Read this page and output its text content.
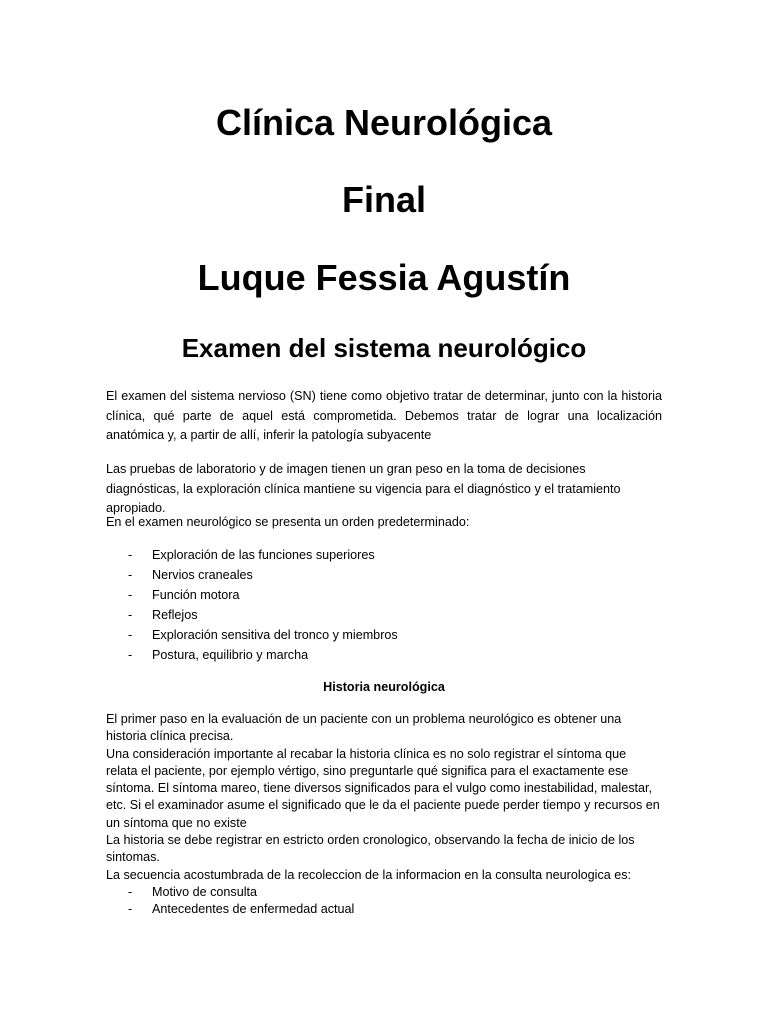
Clínica Neurológica
Final
Luque Fessia Agustín
Examen del sistema neurológico

El examen del sistema nervioso (SN) tiene como objetivo tratar de determinar, junto con la historia clínica, qué parte de aquel está comprometida. Debemos tratar de lograr una localización anatómica y, a partir de allí, inferir la patología subyacente

Las pruebas de laboratorio y de imagen tienen un gran peso en la toma de decisiones diagnósticas, la exploración clínica mantiene su vigencia para el diagnóstico y el tratamiento apropiado.

En el examen neurológico se presenta un orden predeterminado:

- Exploración de las funciones superiores
- Nervios craneales
- Función motora
- Reflejos
- Exploración sensitiva del tronco y miembros
- Postura, equilibrio y marcha
Historia neurológica
El primer paso en la evaluación de un paciente con un problema neurológico es obtener una
historia clínica precisa.
Una consideración importante al recabar la historia clínica es no solo registrar el síntoma que
relata el paciente, por ejemplo vértigo, sino preguntarle qué significa para el exactamente ese
síntoma. El síntoma mareo, tiene diversos significados para el vulgo como inestabilidad, malestar,
etc. Si el examinador asume el significado que le da el paciente puede perder tiempo y recursos en
un síntoma que no existe
La historia se debe registrar en estricto orden cronologico, observando la fecha de inicio de los
sintomas.
La secuencia acostumbrada de la recoleccion de la informacion en la consulta neurologica es:
- Motivo de consulta
- Antecedentes de enfermedad actual
